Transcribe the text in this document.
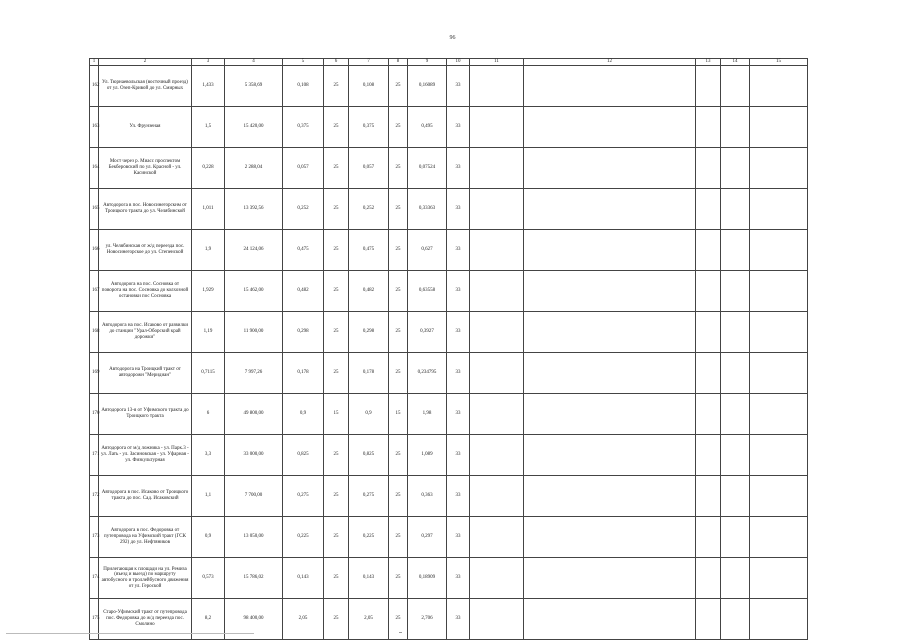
96
1	2	3	4	5	6	7	8	9	10	11	12	13	14	15
162	Ул. Тюрнаевольская (восточный проезд) от ул. Озеп-Кривой до ул. Смирных	1,433	5 358,69	0,108	25	0,108	25	0,16089	33					
163	Ул. Фрунзеная	1,5	15 420,00	0,375	25	0,375	25	0,495	33					
164	Мост через р. Миасс проспектом Бекберовский по ул. Красной - ул. Касинской	0,228	2 288,04	0,057	25	0,057	25	0,07524	33					
165	Автодорога в пос. Новосинегорскнм от Троицкого тракта до ул. Челябинской	1,011	13 392,56	0,252	25	0,252	25	0,33363	33					
166	ул. Челябинская от ж/д переезда пос. Новосинегорское до ул. Степенской	1,9	24 124,06	0,475	25	0,475	25	0,627	33					
167	Автодорога на пос. Сосновка от поворота на пос. Сосновка до колхозной остановки пос Сосновка	1,929	15 462,00	0,482	25	0,482	25	0,63558	33					
168	Автодорога на пос. Исаково от развилки до станции "Урал-Оборский край дорожки"	1,19	11 900,00	0,298	25	0,298	25	0,3927	33					
169	Автодорога на Троицкий тракт от автодорожн "Меридиан"	0,7115	7 997,26	0,178	25	0,178	25	0,234795	33					
170	Автодорога 13-я от Уфимского тракта до Троицкого тракта	6	49 800,00	0,9	15	0,9	15	1,98	33					
171	Автодорога от м/д ложника - ул. Парк.3 - ул. Лать - ул. Засиновская - ул. Уфарная - ул. Физкультурная	3,3	33 000,00	0,825	25	0,825	25	1,089	33					
172	Автодорога в пос. Исаково от Троицкого тракта до пос. Сад. Исаковский	1,1	7 700,00	0,275	25	0,275	25	0,363	33					
173	Автодорога в пос. Федоровка от путепровода на Уфимский тракт (ГСК 292) до ул. Нефтяников	0,9	13 050,00	0,225	25	0,225	25	0,297	33					
174	Прилегающая к площади на ул. Ремиза (въезд и выезд) по маршруту автобусного и троллейбусного движения от ул. Героской	0,573	15 786,02	0,143	25	0,143	25	0,18909	33					
175	Старо-Уфимский тракт от путепровода пос. Федоровка до ж/д переезда пос. Смолино	8,2	98 400,00	2,05	25	2,05	25	2,706	33					
